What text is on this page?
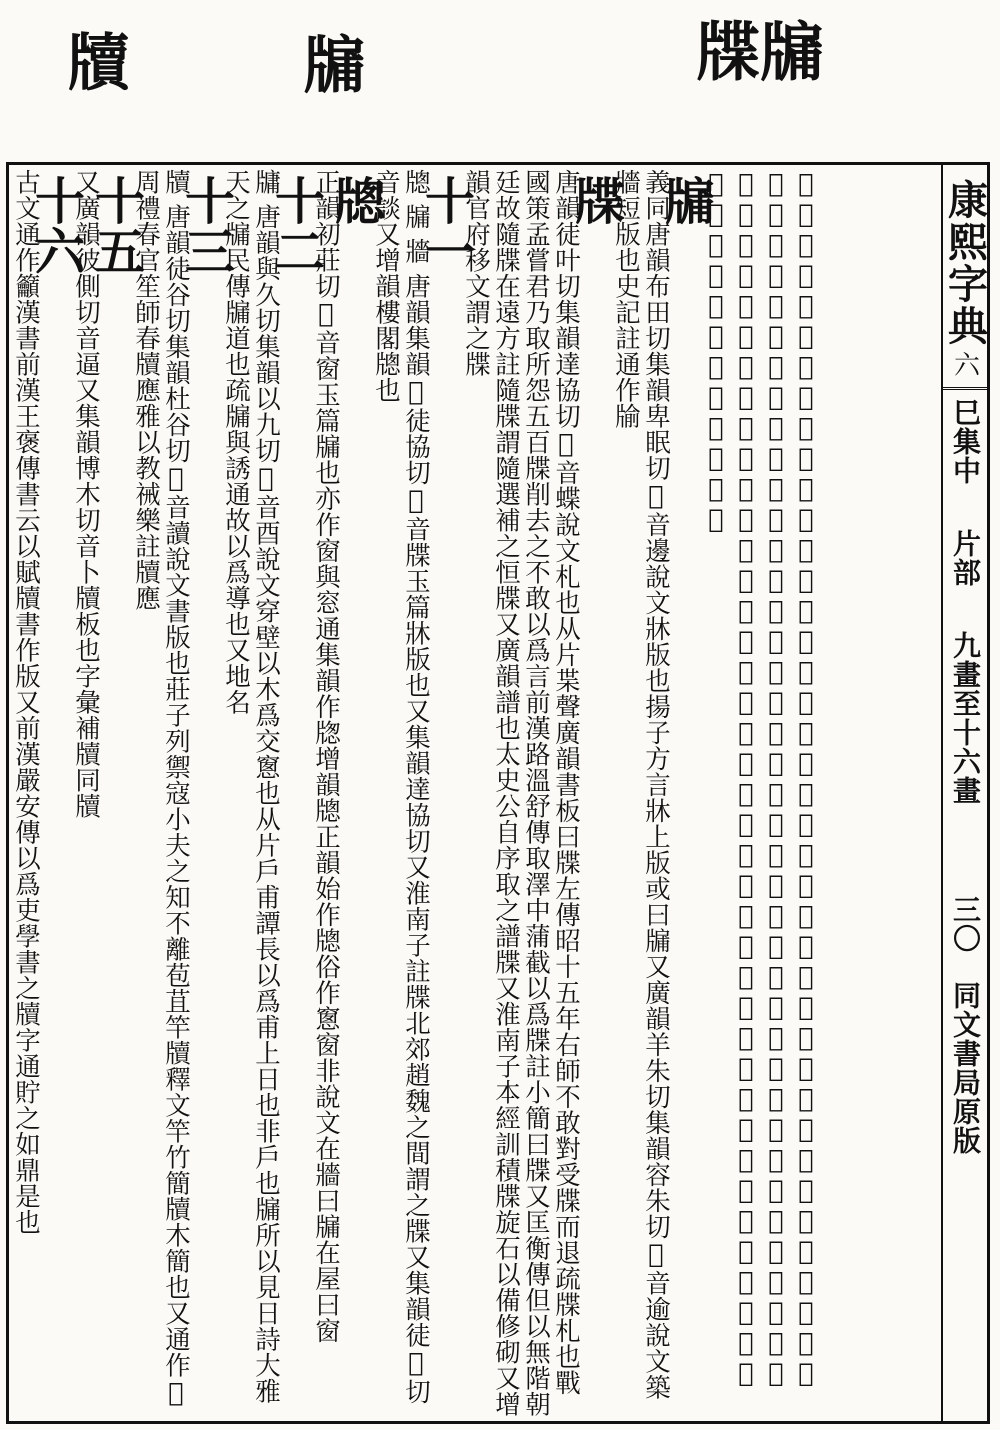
牘	牖	牖 牒
康熙字典
六
巳集中
片部
九畫至十六畫
三〇
同文書局原版

𤓰音佳說文築牆短版也史記萬石君傳建爲郎中令洗沐歸謁親入子舍竊問侍者取親中裙厠牏身自浣滌註徐廣曰牏築垣短版音佳謂厠溷垣牆隱於其側浣滌也又玉篇之句切集韻朱戍切𤓰音注又集韻𤘎藊𤝹集韻大透切音豆史記萬石君傳註徐廣曰一讀牏爲竇竇音豆言自洗滌厠竇又集韻徒侯切𤓰音頭玉篇築牆短版

牖

義同唐韻布田切集韻卑眠切𤓰音邊說文牀版也揚子方言牀上版或曰牖又廣韻羊朱切集韻容朱切𤓰音逾說文築牆短版也史記註通作牏

牒

唐韻徒叶切集韻達協切𤓰音蝶說文札也从片枼聲廣韻書板曰牒左傳昭十五年右師不敢對受牒而退疏牒札也戰國策孟嘗君乃取所怨五百牒削去之不敢以爲言前漢路溫舒傳取澤中蒲截以爲牒註小簡曰牒又匡衡傳但以無階朝廷故隨牒在遠方註隨牒謂隨選補之恒牒又廣韻譜也太史公自序取之譜牒又淮南子本經訓積牒旋石以備修砌又增韻官府移文謂之牒

十一

牕 牖 牆 唐韻集韻𤓰徒協切𤓰音牒玉篇牀版也又集韻達協切又淮南子註牒北郊趙魏之間謂之牒又集韻徒𤓰切音談又增韻樓閣牕也

牕

正韻初莊切𤓰音窗玉篇牖也亦作窗與窓通集韻作牎增韻牕正韻始作牕俗作窻窗非說文在牆曰牖在屋曰窗

十二

牗 唐韻與久切集韻以九切𤓰音酉說文穿壁以木爲交窻也从片戶甫譚長以爲甫上日也非戶也牖所以見日詩大雅天之牖民傳牖道也疏牖與誘通故以爲導也又地名

十三

牘 唐韻徒谷切集韻杜谷切𤓰音讀說文書版也莊子列禦寇小夫之知不離苞苴竿牘釋文竿竹簡牘木簡也又通作𣠲周禮春官笙師春牘應雅以教祴樂註牘應

十五

又廣韻彼側切音逼又集韻博木切音卜牘板也字彙補牘同牘

十六

古文通作籲漢書前漢王褒傳書云以賦牘書作版又前漢嚴安傳以爲吏學書之牘字通貯之如鼎是也
